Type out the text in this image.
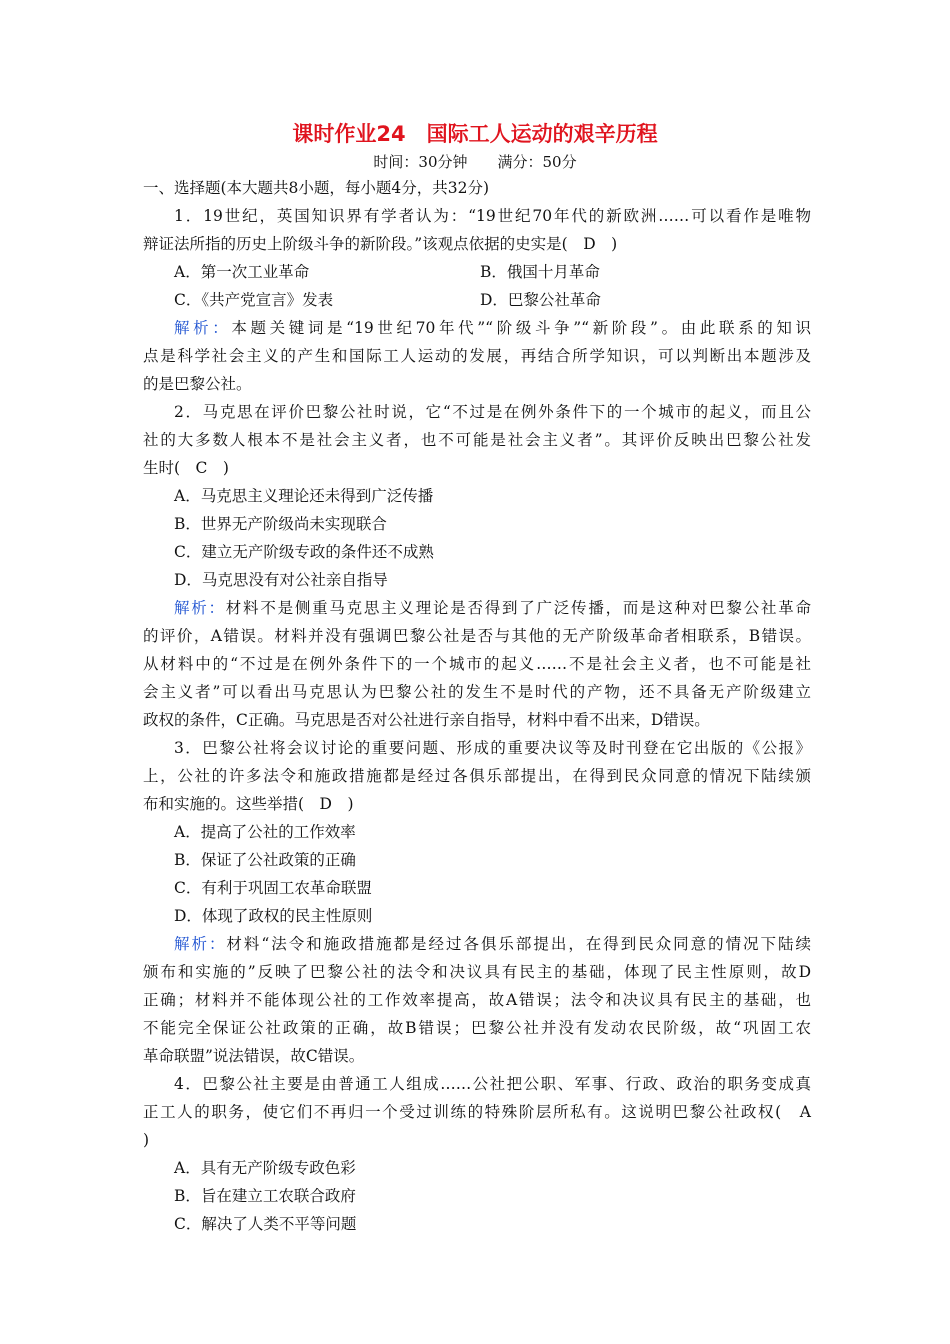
课时作业24　国际工人运动的艰辛历程
时间：30分钟　　满分：50分
一、选择题(本大题共8小题，每小题4分，共32分)
1．19世纪，英国知识界有学者认为：“19世纪70年代的新欧洲……可以看作是唯物
辩证法所指的历史上阶级斗争的新阶段。”该观点依据的史实是(　D　)
A．第一次工业革命	B．俄国十月革命
C．《共产党宣言》发表	D．巴黎公社革命
解析：本题关键词是“19世纪70年代”“阶级斗争”“新阶段”。由此联系的知识
点是科学社会主义的产生和国际工人运动的发展，再结合所学知识，可以判断出本题涉及
的是巴黎公社。
2．马克思在评价巴黎公社时说，它“不过是在例外条件下的一个城市的起义，而且公
社的大多数人根本不是社会主义者，也不可能是社会主义者”。其评价反映出巴黎公社发
生时(　C　)
A．马克思主义理论还未得到广泛传播
B．世界无产阶级尚未实现联合
C．建立无产阶级专政的条件还不成熟
D．马克思没有对公社亲自指导
解析：材料不是侧重马克思主义理论是否得到了广泛传播，而是这种对巴黎公社革命
的评价，A错误。材料并没有强调巴黎公社是否与其他的无产阶级革命者相联系，B错误。
从材料中的“不过是在例外条件下的一个城市的起义……不是社会主义者，也不可能是社
会主义者”可以看出马克思认为巴黎公社的发生不是时代的产物，还不具备无产阶级建立
政权的条件，C正确。马克思是否对公社进行亲自指导，材料中看不出来，D错误。
3．巴黎公社将会议讨论的重要问题、形成的重要决议等及时刊登在它出版的《公报》
上，公社的许多法令和施政措施都是经过各俱乐部提出，在得到民众同意的情况下陆续颁
布和实施的。这些举措(　D　)
A．提高了公社的工作效率
B．保证了公社政策的正确
C．有利于巩固工农革命联盟
D．体现了政权的民主性原则
解析：材料“法令和施政措施都是经过各俱乐部提出，在得到民众同意的情况下陆续
颁布和实施的”反映了巴黎公社的法令和决议具有民主的基础，体现了民主性原则，故D
正确；材料并不能体现公社的工作效率提高，故A错误；法令和决议具有民主的基础，也
不能完全保证公社政策的正确，故B错误；巴黎公社并没有发动农民阶级，故“巩固工农
革命联盟”说法错误，故C错误。
4．巴黎公社主要是由普通工人组成……公社把公职、军事、行政、政治的职务变成真
正工人的职务，使它们不再归一个受过训练的特殊阶层所私有。这说明巴黎公社政权(　A
)
A．具有无产阶级专政色彩
B．旨在建立工农联合政府
C．解决了人类不平等问题
